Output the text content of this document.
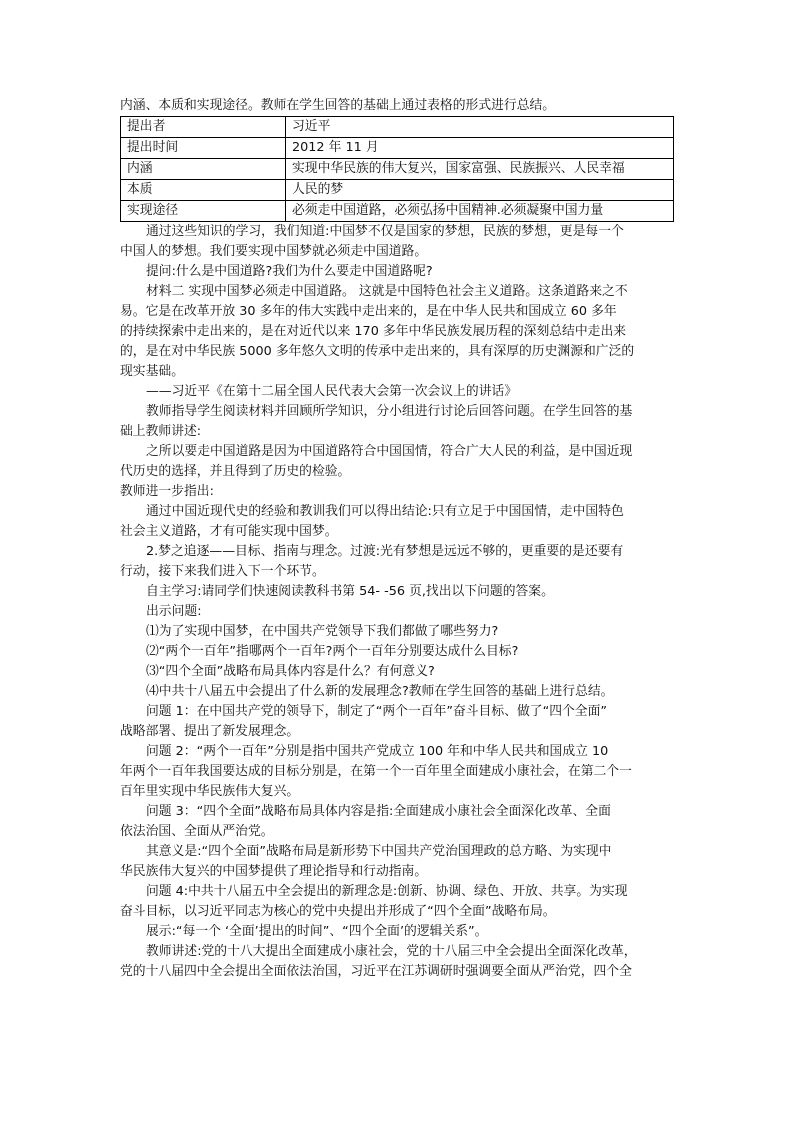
内涵、本质和实现途径。教师在学生回答的基础上通过表格的形式进行总结。

提出者	习近平
提出时间	2012 年 11 月
内涵	实现中华民族的伟大复兴，国家富强、民族振兴、人民幸福
本质	人民的梦
实现途径	必须走中国道路，必须弘扬中国精神.必须凝聚中国力量

通过这些知识的学习，我们知道:中国梦不仅是国家的梦想，民族的梦想，更是每一个

中国人的梦想。我们要实现中国梦就必须走中国道路。

提问:什么是中国道路?我们为什么要走中国道路呢?

材料二 实现中国梦必须走中国道路。 这就是中国特色社会主义道路。这条道路来之不

易。它是在改革开放 30 多年的伟大实践中走出来的，是在中华人民共和国成立 60 多年

的持续探索中走出来的，是在对近代以来 170 多年中华民族发展历程的深刻总结中走出来

的，是在对中华民族 5000 多年悠久文明的传承中走出来的，具有深厚的历史渊源和广泛的

现实基础。

——习近平《在第十二届全国人民代表大会第一次会议上的讲话》

教师指导学生阅读材料并回顾所学知识，分小组进行讨论后回答问题。在学生回答的基

础上教师讲述:

之所以要走中国道路是因为中国道路符合中国国情，符合广大人民的利益，是中国近现

代历史的选择，并且得到了历史的检验。

教师进一步指出:

通过中国近现代史的经验和教训我们可以得出结论:只有立足于中国国情，走中国特色

社会主义道路，才有可能实现中国梦。

2.梦之追逐——目标、指南与理念。过渡:光有梦想是远远不够的，更重要的是还要有

行动，接下来我们进入下一个环节。

自主学习:请同学们快速阅读教科书第 54- -56 页,找出以下问题的答案。

出示问题:

⑴为了实现中国梦，在中国共产党领导下我们都做了哪些努力?

⑵“两个一百年”指哪两个一百年?两个一百年分别要达成什么目标?

⑶“四个全面”战略布局具体内容是什么？有何意义?

⑷中共十八届五中会提出了什么新的发展理念?教师在学生回答的基础上进行总结。

问题 1：在中国共产党的领导下，制定了“两个一百年”奋斗目标、做了“四个全面”

战略部署、提出了新发展理念。

问题 2：“两个一百年”分别是指中国共产党成立 100 年和中华人民共和国成立 10

年两个一百年我国要达成的目标分别是，在第一个一百年里全面建成小康社会，在第二个一

百年里实现中华民族伟大复兴。

问题 3：“四个全面”战略布局具体内容是指:全面建成小康社会全面深化改革、全面

依法治国、全面从严治党。

其意义是:“四个全面”战略布局是新形势下中国共产党治国理政的总方略、为实现中

华民族伟大复兴的中国梦提供了理论指导和行动指南。

问题 4:中共十八届五中全会提出的新理念是:创新、协调、绿色、开放、共享。为实现

奋斗目标，以习近平同志为核心的党中央提出并形成了“四个全面”战略布局。

展示:“每一个 ‘全面’提出的时间”、“四个全面’的逻辑关系”。

教师讲述:党的十八大提出全面建成小康社会，党的十八届三中全会提出全面深化改革，

党的十八届四中全会提出全面依法治国，习近平在江苏调研时强调要全面从严治党，四个全
